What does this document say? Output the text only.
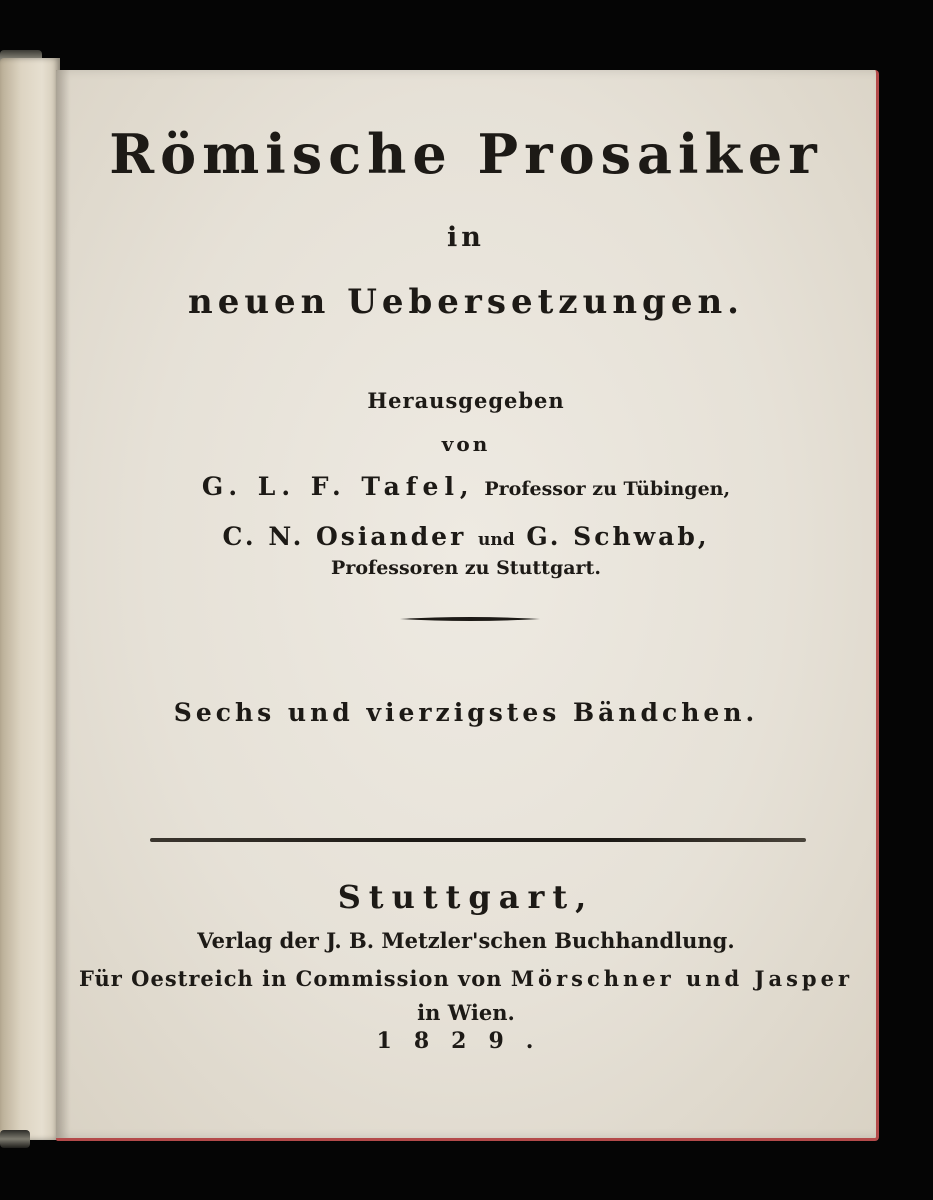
Römische Prosaiker
in
neuen Uebersetzungen.
Herausgegeben
von
G. L. F. Tafel, Professor zu Tübingen,
C. N. Osiander und G. Schwab,
Professoren zu Stuttgart.
Sechs und vierzigstes Bändchen.
Stuttgart,
Verlag der J. B. Metzler'schen Buchhandlung.
Für Oestreich in Commission von Mörschner und Jasper
in Wien.
1829.
